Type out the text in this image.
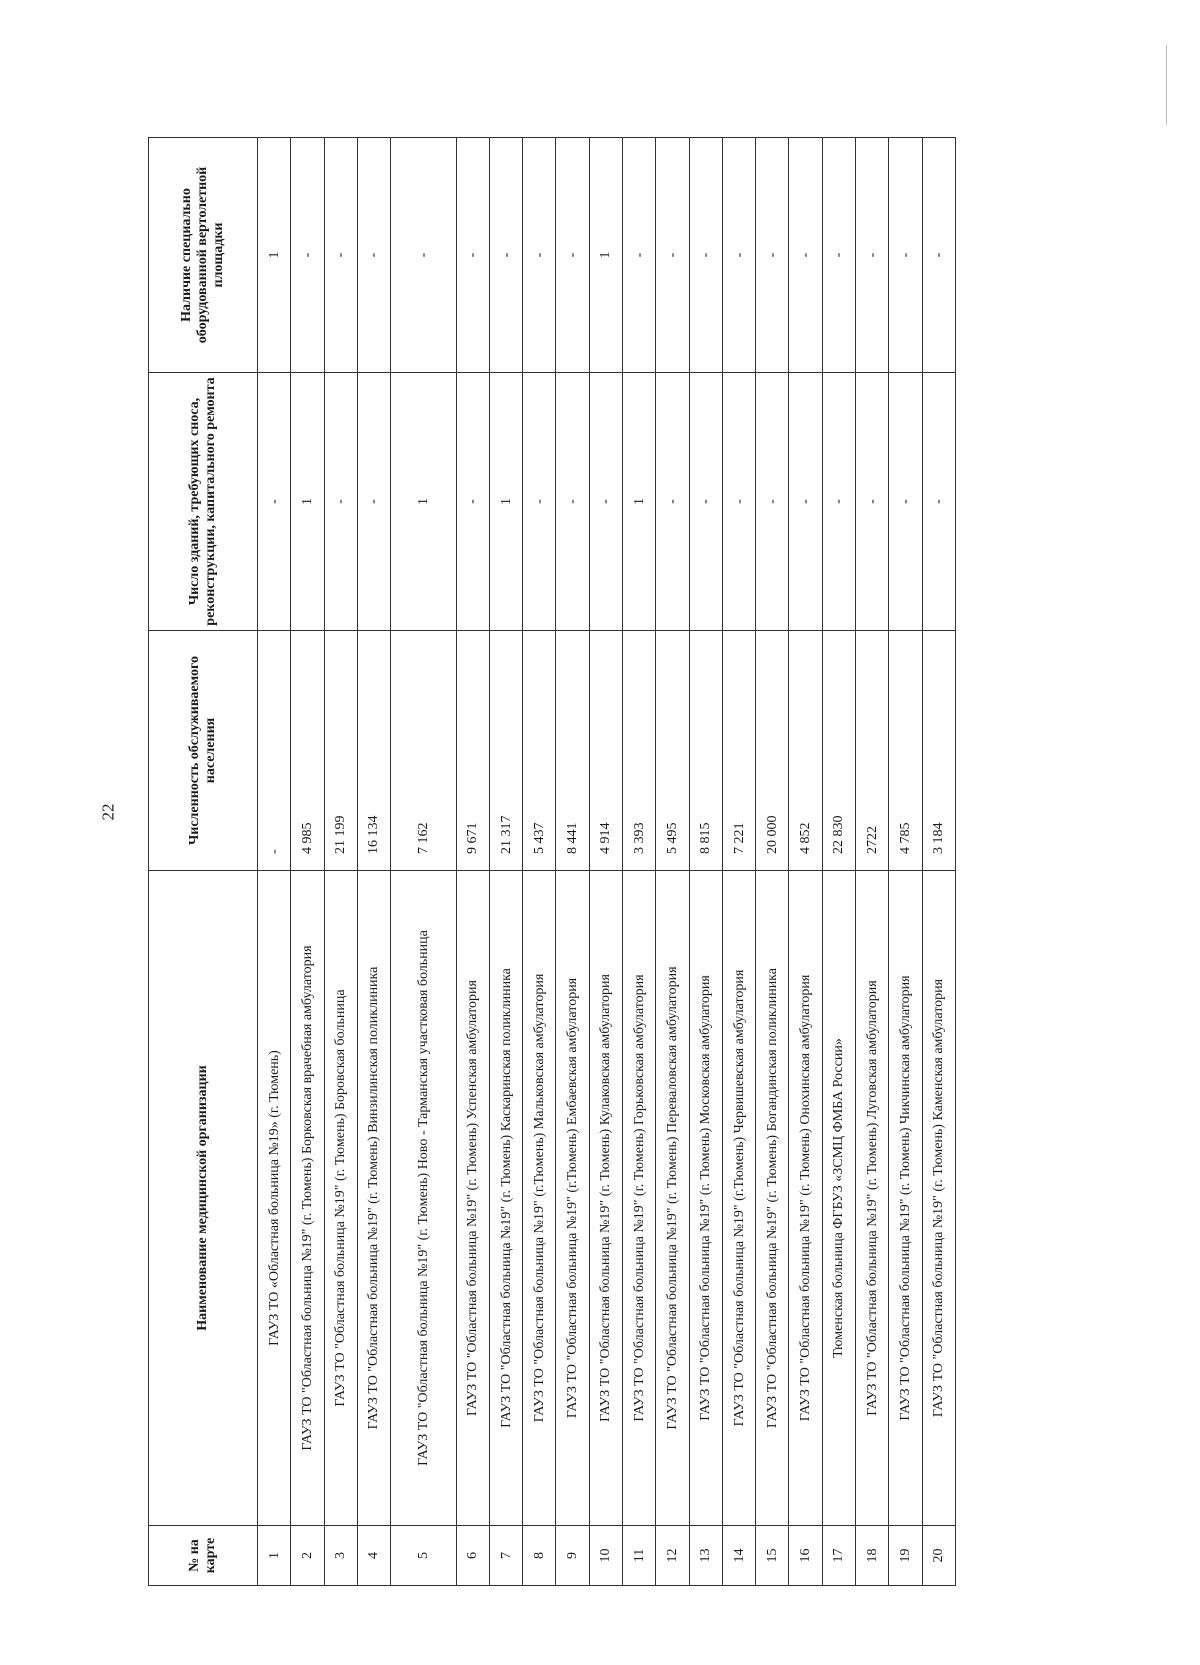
22
№ на карте	Наименование медицинской организации	Численность обслуживаемого населения	Число зданий, требующих сноса, реконструкции, капитального ремонта	Наличие специально оборудованной вертолетной площадки
1	ГАУЗ ТО «Областная больница №19» (г. Тюмень)	-	-	1
2	ГАУЗ ТО "Областная больница №19" (г. Тюмень) Борковская врачебная амбулатория	4 985	1	-
3	ГАУЗ ТО "Областная больница №19" (г. Тюмень) Боровская больница	21 199	-	-
4	ГАУЗ ТО "Областная больница №19" (г. Тюмень) Винзилинская поликлиника	16 134	-	-
5	ГАУЗ ТО "Областная больница №19" (г. Тюмень) Ново - Тарманская участковая больница	7 162	1	-
6	ГАУЗ ТО "Областная больница №19" (г. Тюмень) Успенская амбулатория	9 671	-	-
7	ГАУЗ ТО "Областная больница №19" (г. Тюмень) Каскаринская поликлиника	21 317	1	-
8	ГАУЗ ТО "Областная больница №19" (г.Тюмень) Мальковская амбулатория	5 437	-	-
9	ГАУЗ ТО "Областная больница №19" (г.Тюмень) Ембаевская амбулатория	8 441	-	-
10	ГАУЗ ТО "Областная больница №19" (г. Тюмень) Кулаковская амбулатория	4 914	-	1
11	ГАУЗ ТО "Областная больница №19" (г. Тюмень) Горьковская амбулатория	3 393	1	-
12	ГАУЗ ТО "Областная больница №19" (г. Тюмень) Переваловская амбулатория	5 495	-	-
13	ГАУЗ ТО "Областная больница №19" (г. Тюмень) Московская амбулатория	8 815	-	-
14	ГАУЗ ТО "Областная больница №19" (г.Тюмень) Червишевская амбулатория	7 221	-	-
15	ГАУЗ ТО "Областная больница №19" (г. Тюмень) Богандинская поликлиника	20 000	-	-
16	ГАУЗ ТО "Областная больница №19" (г. Тюмень) Онохинская амбулатория	4 852	-	-
17	Тюменская больница ФГБУЗ «ЗСМЦ ФМБА России»	22 830	-	-
18	ГАУЗ ТО "Областная больница №19" (г. Тюмень) Луговская амбулатория	2722	-	-
19	ГАУЗ ТО "Областная больница №19" (г. Тюмень) Чикчинская амбулатория	4 785	-	-
20	ГАУЗ ТО "Областная больница №19" (г. Тюмень) Каменская амбулатория	3 184	-	-
